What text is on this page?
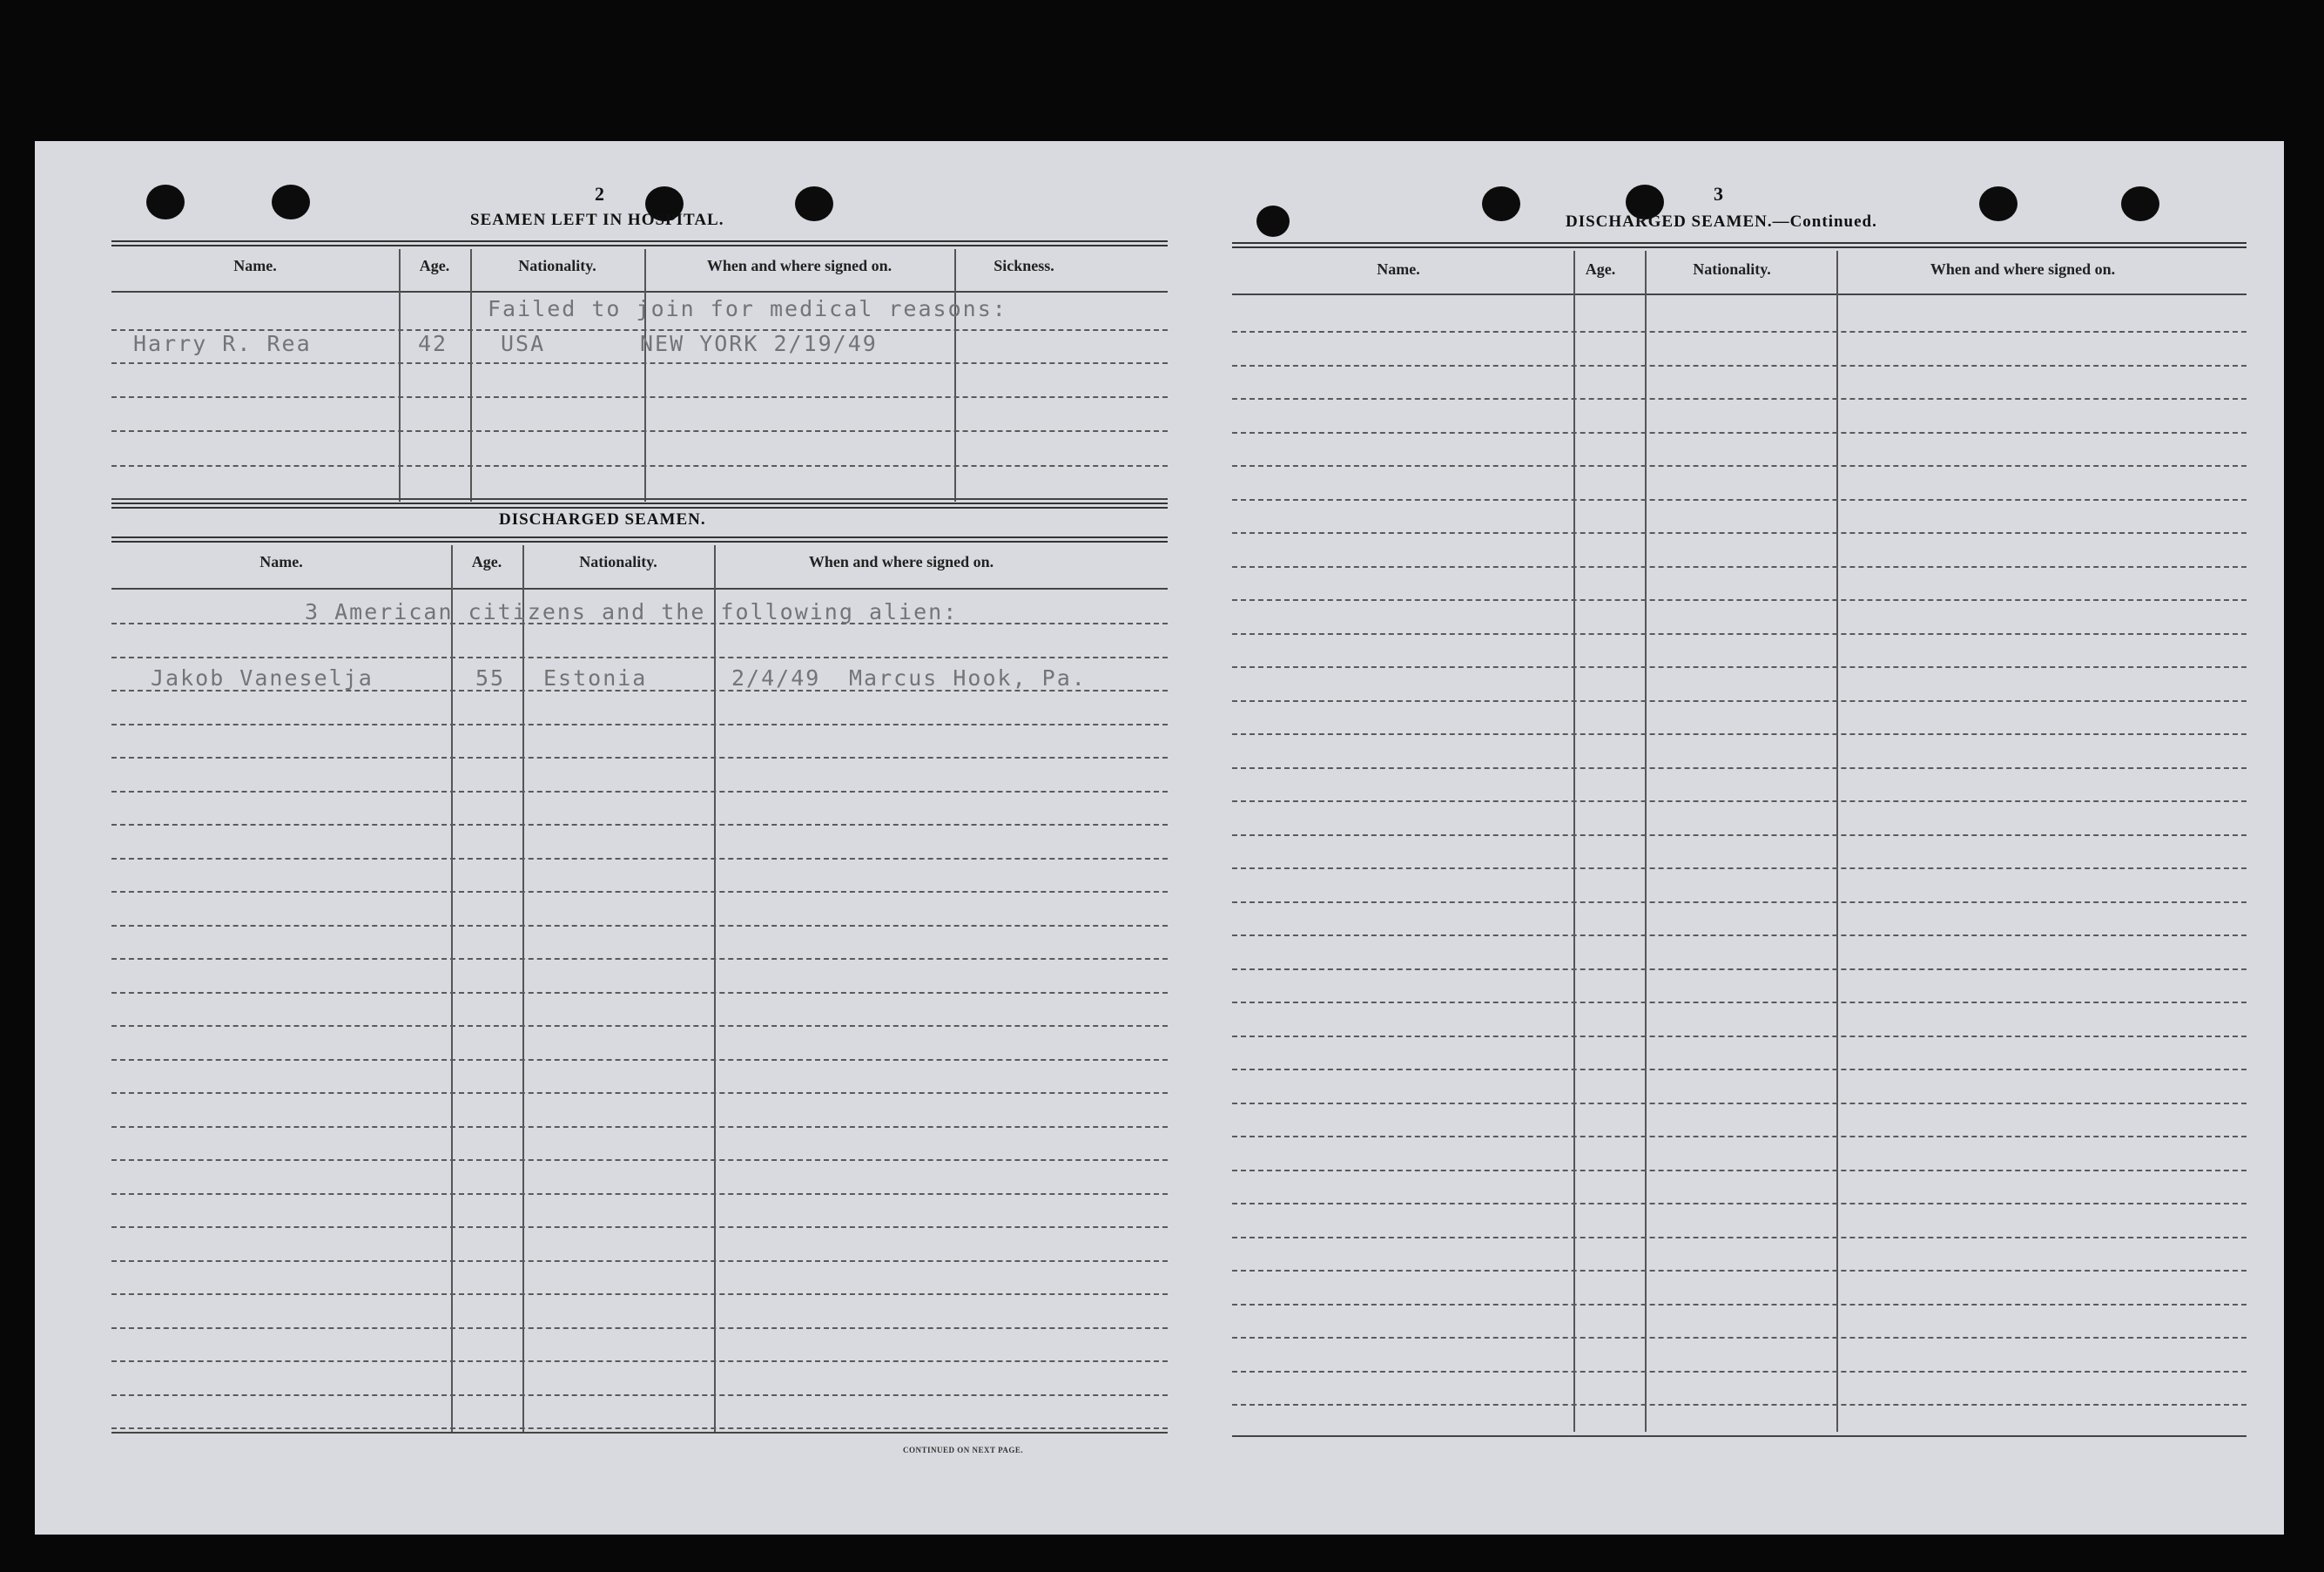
2
SEAMEN LEFT IN HOSPITAL.
Name.	Age.	Nationality.	When and where signed on.	Sickness.
Failed to join for medical reasons:
Harry R. Rea	42 USA	NEW YORK 2/19/49
DISCHARGED SEAMEN.
Name.	Age.	Nationality.	When and where signed on.
3 American citizens and the following alien:
Jakob Vaneselja	55 Estonia	2/4/49 Marcus Hook, Pa.
CONTINUED ON NEXT PAGE.
3
DISCHARGED SEAMEN.—Continued.
Name.	Age.	Nationality.	When and where signed on.
